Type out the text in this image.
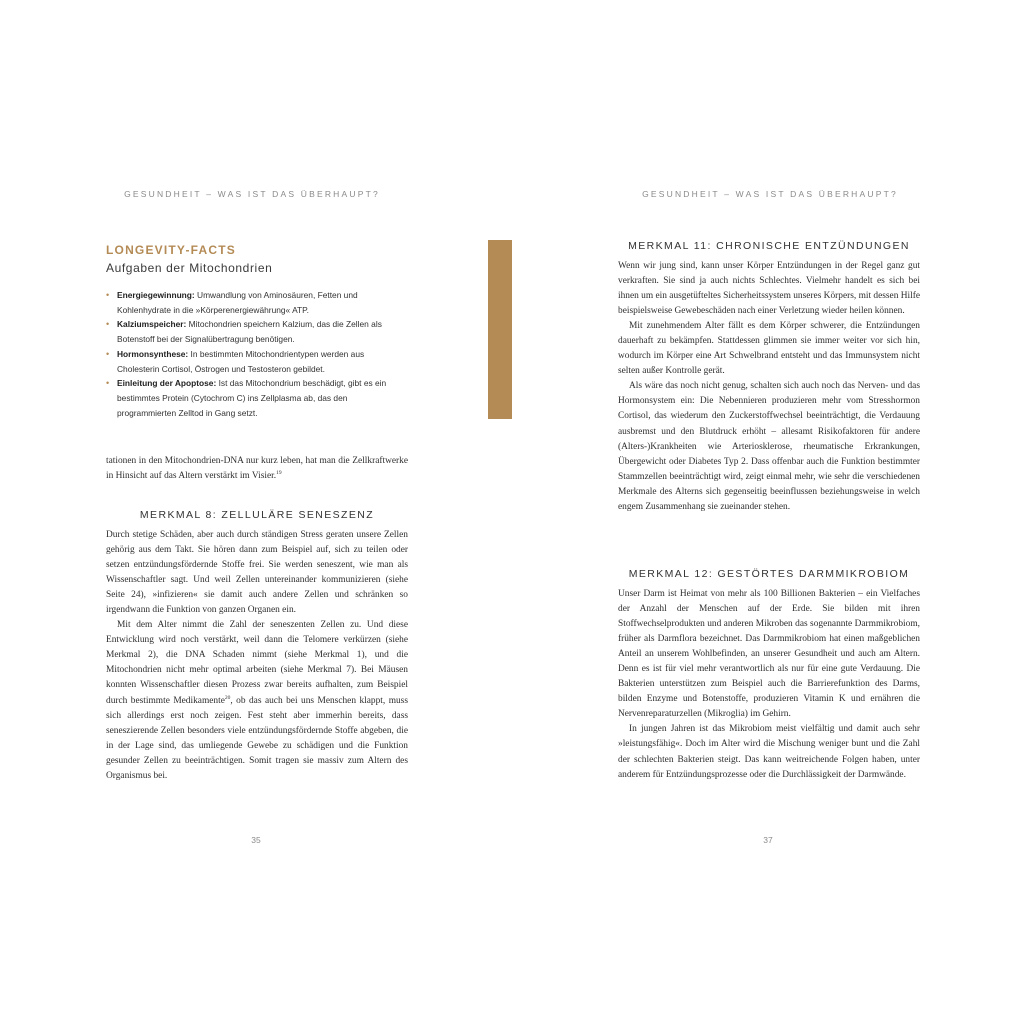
GESUNDHEIT – WAS IST DAS ÜBERHAUPT?
LONGEVITY-FACTS
Aufgaben der Mitochondrien
• Energiegewinnung: Umwandlung von Aminosäuren, Fetten und Kohlenhydrate in die »Körperenergiewährung« ATP.
• Kalziumspeicher: Mitochondrien speichern Kalzium, das die Zellen als Botenstoff bei der Signalübertragung benötigen.
• Hormonsynthese: In bestimmten Mitochondrientypen werden aus Cholesterin Cortisol, Östrogen und Testosteron gebildet.
• Einleitung der Apoptose: Ist das Mitochondrium beschädigt, gibt es ein bestimmtes Protein (Cytochrom C) ins Zellplasma ab, das den programmierten Zelltod in Gang setzt.

tationen in den Mitochondrien-DNA nur kurz leben, hat man die Zellkraftwerke in Hinsicht auf das Altern verstärkt im Visier.$^{19}$

MERKMAL 8: ZELLULÄRE SENESZENZ

Durch stetige Schäden, aber auch durch ständigen Stress geraten unsere Zellen gehörig aus dem Takt. Sie hören dann zum Beispiel auf, sich zu teilen oder setzen entzündungsfördernde Stoffe frei. Sie werden seneszent, wie man als Wissenschaftler sagt. Und weil Zellen untereinander kommunizieren (siehe Seite 24), »infizieren« sie damit auch andere Zellen und schränken so irgendwann die Funktion von ganzen Organen ein.

Mit dem Alter nimmt die Zahl der seneszenten Zellen zu. Und diese Entwicklung wird noch verstärkt, weil dann die Telomere verkürzen (siehe Merkmal 2), die DNA Schaden nimmt (siehe Merkmal 1), und die Mitochondrien nicht mehr optimal arbeiten (siehe Merkmal 7). Bei Mäusen konnten Wissenschaftler diesen Prozess zwar bereits aufhalten, zum Beispiel durch bestimmte Medikamente$^{20}$, ob das auch bei uns Menschen klappt, muss sich allerdings erst noch zeigen. Fest steht aber immerhin bereits, dass seneszierende Zellen besonders viele entzündungsfördernde Stoffe abgeben, die in der Lage sind, das umliegende Gewebe zu schädigen und die Funktion gesunder Zellen zu beeinträchtigen. Somit tragen sie massiv zum Altern des Organismus bei.

35
GESUNDHEIT – WAS IST DAS ÜBERHAUPT?
37
MERKMAL 11: CHRONISCHE ENTZÜNDUNGEN

Wenn wir jung sind, kann unser Körper Entzündungen in der Regel ganz gut verkraften. Sie sind ja auch nichts Schlechtes. Vielmehr handelt es sich bei ihnen um ein ausgetüfteltes Sicherheitssystem unseres Körpers, mit dessen Hilfe beispielsweise Gewebeschäden nach einer Verletzung wieder heilen können.

Mit zunehmendem Alter fällt es dem Körper schwerer, die Entzündungen dauerhaft zu bekämpfen. Stattdessen glimmen sie immer weiter vor sich hin, wodurch im Körper eine Art Schwelbrand entsteht und das Immunsystem nicht selten außer Kontrolle gerät.

Als wäre das noch nicht genug, schalten sich auch noch das Nerven- und das Hormonsystem ein: Die Nebennieren produzieren mehr vom Stresshormon Cortisol, das wiederum den Zuckerstoffwechsel beeinträchtigt, die Verdauung ausbremst und den Blutdruck erhöht – allesamt Risikofaktoren für andere (Alters-)Krankheiten wie Arteriosklerose, rheumatische Erkrankungen, Übergewicht oder Diabetes Typ 2. Dass offenbar auch die Funktion bestimmter Stammzellen beeinträchtigt wird, zeigt einmal mehr, wie sehr die verschiedenen Merkmale des Alterns sich gegenseitig beeinflussen beziehungsweise in welch engem Zusammenhang sie zueinander stehen.

MERKMAL 12: GESTÖRTES DARMMIKROBIOM

Unser Darm ist Heimat von mehr als 100 Billionen Bakterien – ein Vielfaches der Anzahl der Menschen auf der Erde. Sie bilden mit ihren Stoffwechselprodukten und anderen Mikroben das sogenannte Darmmikrobiom, früher als Darmflora bezeichnet. Das Darmmikrobiom hat einen maßgeblichen Anteil an unserem Wohlbefinden, an unserer Gesundheit und auch am Altern. Denn es ist für viel mehr verantwortlich als nur für eine gute Verdauung. Die Bakterien unterstützen zum Beispiel auch die Barrierefunktion des Darms, bilden Enzyme und Botenstoffe, produzieren Vitamin K und ernähren die Nervenreparaturzellen (Mikroglia) im Gehirn.

In jungen Jahren ist das Mikrobiom meist vielfältig und damit auch sehr »leistungsfähig«. Doch im Alter wird die Mischung weniger bunt und die Zahl der schlechten Bakterien steigt. Das kann weitreichende Folgen haben, unter anderem für Entzündungsprozesse oder die Durchlässigkeit der Darmwände.
